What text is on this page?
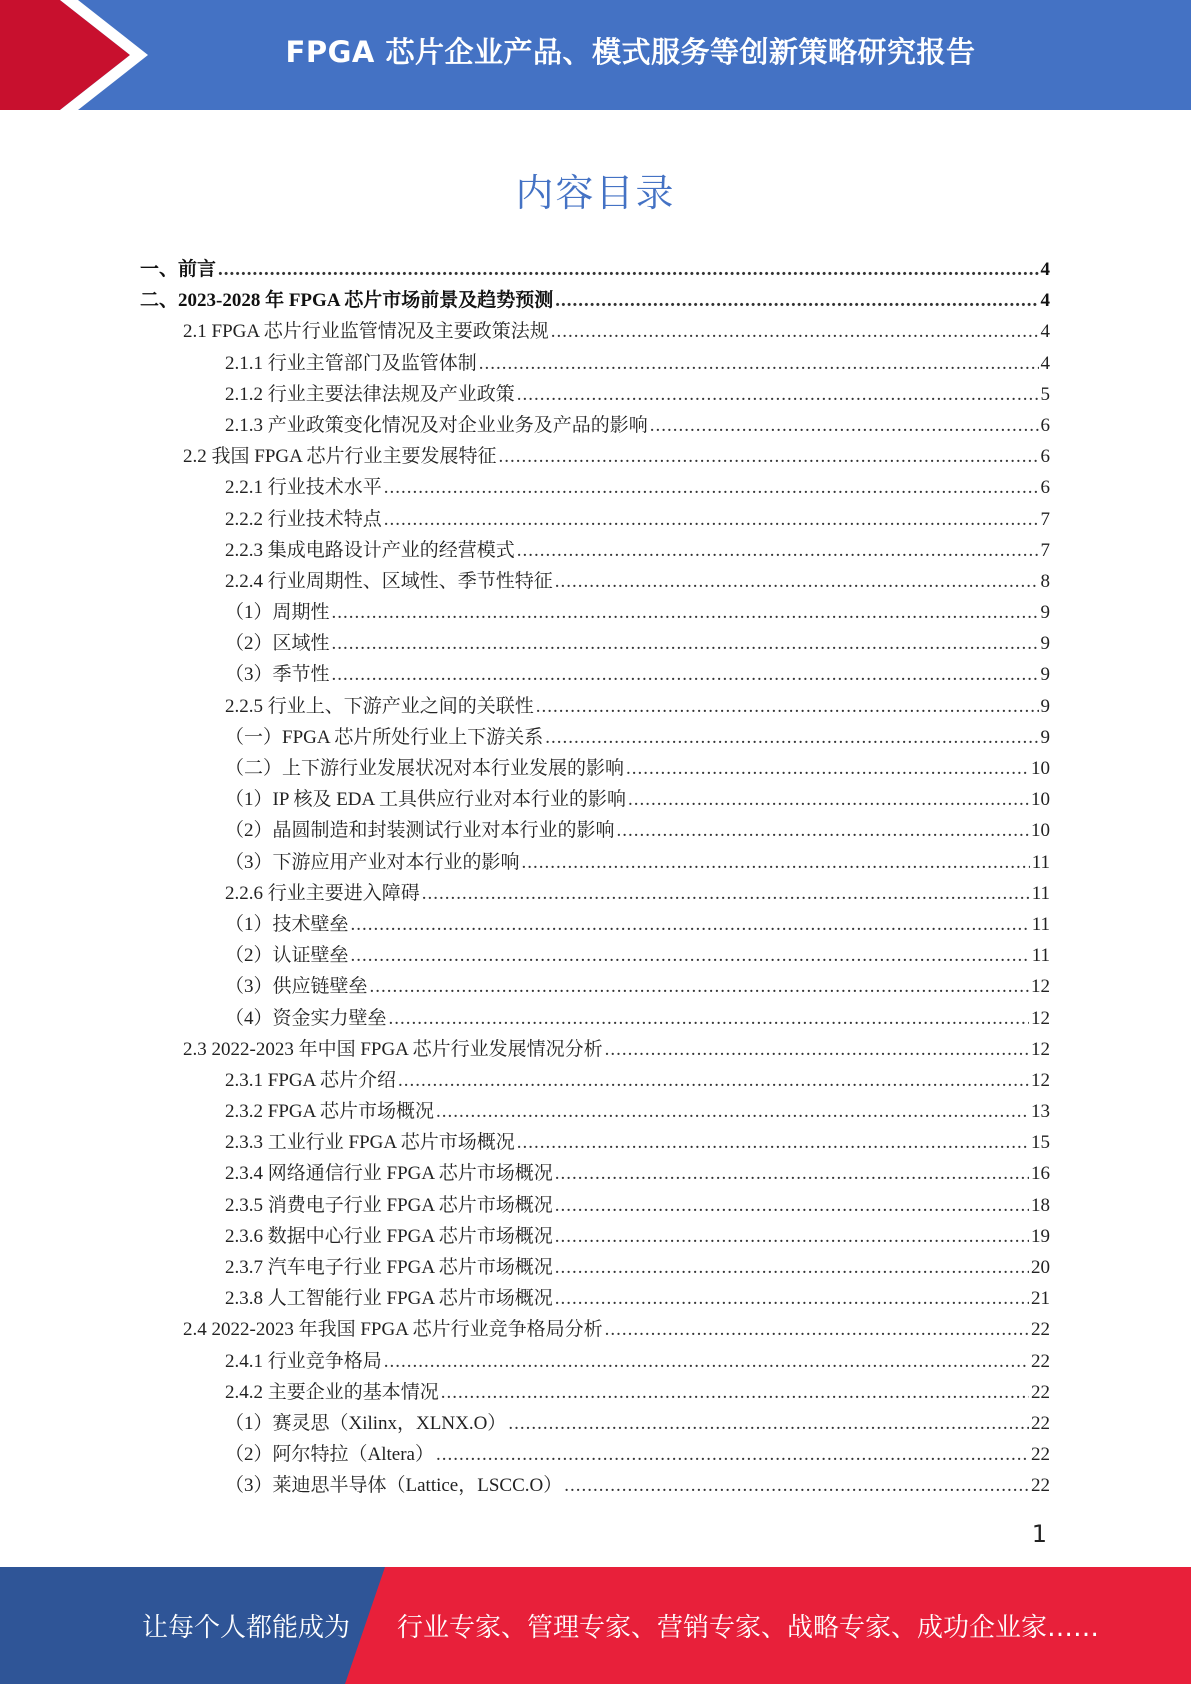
FPGA 芯片企业产品、模式服务等创新策略研究报告
内容目录
一、前言 .....	4
二、2023-2028 年 FPGA 芯片市场前景及趋势预测 .....	4
2.1 FPGA 芯片行业监管情况及主要政策法规 .....	4
2.1.1 行业主管部门及监管体制 .....	4
2.1.2 行业主要法律法规及产业政策 .....	5
2.1.3 产业政策变化情况及对企业业务及产品的影响 .....	6
2.2 我国 FPGA 芯片行业主要发展特征 .....	6
2.2.1 行业技术水平 .....	6
2.2.2 行业技术特点 .....	7
2.2.3 集成电路设计产业的经营模式 .....	7
2.2.4 行业周期性、区域性、季节性特征 .....	8
（1）周期性 .....	9
（2）区域性 .....	9
（3）季节性 .....	9
2.2.5 行业上、下游产业之间的关联性 .....	9
（一）FPGA 芯片所处行业上下游关系 .....	9
（二）上下游行业发展状况对本行业发展的影响 .....	10
（1）IP 核及 EDA 工具供应行业对本行业的影响 .....	10
（2）晶圆制造和封装测试行业对本行业的影响 .....	10
（3）下游应用产业对本行业的影响 .....	11
2.2.6 行业主要进入障碍 .....	11
（1）技术壁垒 .....	11
（2）认证壁垒 .....	11
（3）供应链壁垒 .....	12
（4）资金实力壁垒 .....	12
2.3 2022-2023 年中国 FPGA 芯片行业发展情况分析 .....	12
2.3.1 FPGA 芯片介绍 .....	12
2.3.2 FPGA 芯片市场概况 .....	13
2.3.3 工业行业 FPGA 芯片市场概况 .....	15
2.3.4 网络通信行业 FPGA 芯片市场概况 .....	16
2.3.5 消费电子行业 FPGA 芯片市场概况 .....	18
2.3.6 数据中心行业 FPGA 芯片市场概况 .....	19
2.3.7 汽车电子行业 FPGA 芯片市场概况 .....	20
2.3.8 人工智能行业 FPGA 芯片市场概况 .....	21
2.4 2022-2023 年我国 FPGA 芯片行业竞争格局分析 .....	22
2.4.1 行业竞争格局 .....	22
2.4.2 主要企业的基本情况 .....	22
（1）赛灵思（Xilinx，XLNX.O） .....	22
（2）阿尔特拉（Altera） .....	22
（3）莱迪思半导体（Lattice，LSCC.O） .....	22
1
让每个人都能成为 行业专家、管理专家、营销专家、战略专家、成功企业家……
